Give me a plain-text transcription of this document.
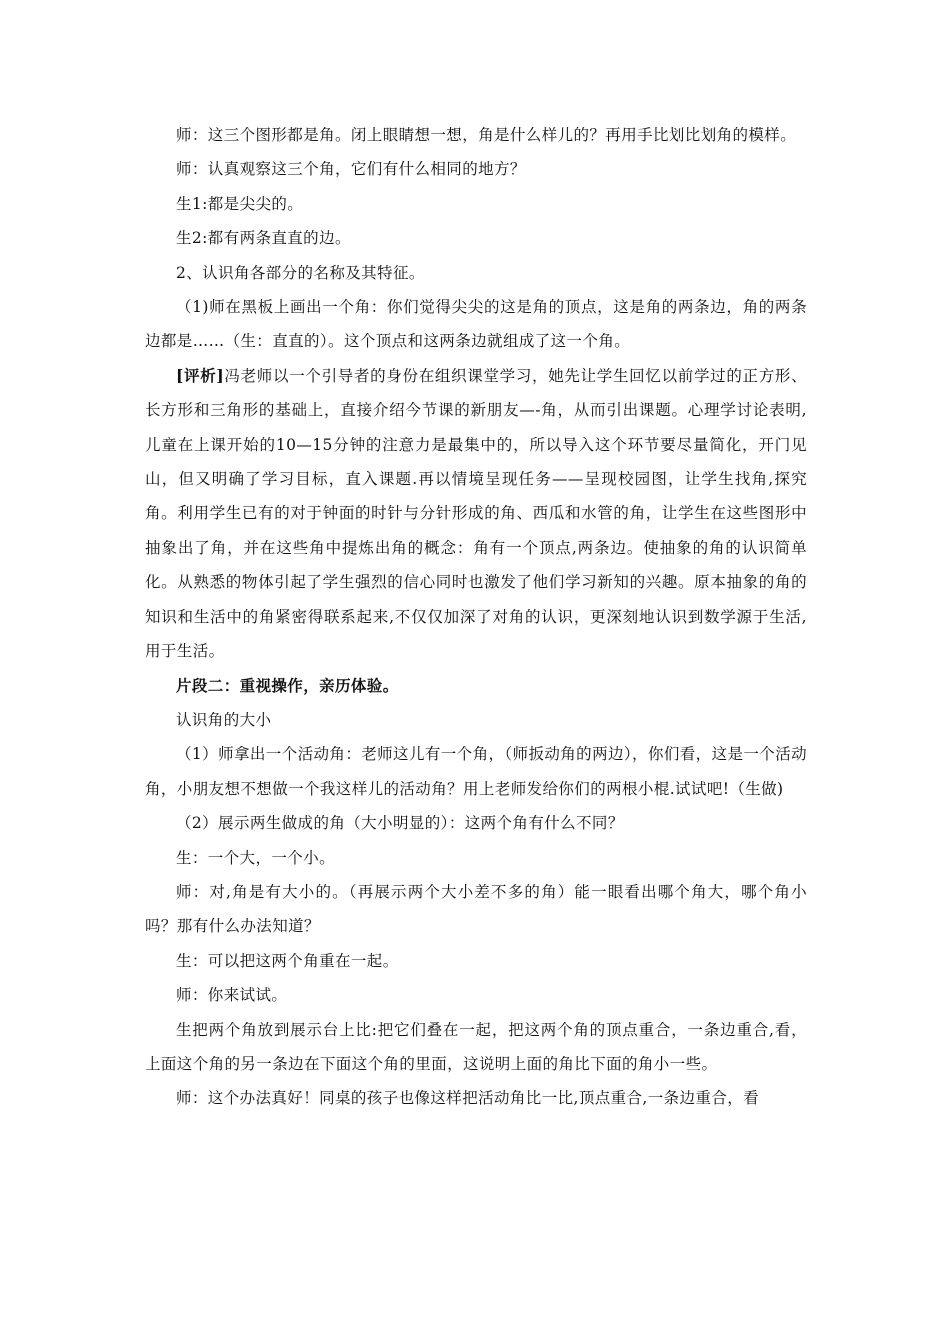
师：这三个图形都是角。闭上眼睛想一想，角是什么样儿的？再用手比划比划角的模样。

师：认真观察这三个角，它们有什么相同的地方？

生1:都是尖尖的。

生2:都有两条直直的边。

2、认识角各部分的名称及其特征。

（1)师在黑板上画出一个角：你们觉得尖尖的这是角的顶点，这是角的两条边，角的两条边都是……（生：直直的）。这个顶点和这两条边就组成了这一个角。

[评析]冯老师以一个引导者的身份在组织课堂学习，她先让学生回忆以前学过的正方形、长方形和三角形的基础上，直接介绍今节课的新朋友—-角，从而引出课题。心理学讨论表明,儿童在上课开始的10—15分钟的注意力是最集中的，所以导入这个环节要尽量简化，开门见山，但又明确了学习目标，直入课题.再以情境呈现任务——呈现校园图，让学生找角,探究角。利用学生已有的对于钟面的时针与分针形成的角、西瓜和水管的角，让学生在这些图形中抽象出了角，并在这些角中提炼出角的概念：角有一个顶点,两条边。使抽象的角的认识简单化。从熟悉的物体引起了学生强烈的信心同时也激发了他们学习新知的兴趣。原本抽象的角的知识和生活中的角紧密得联系起来,不仅仅加深了对角的认识，更深刻地认识到数学源于生活,用于生活。

片段二：重视操作，亲历体验。

认识角的大小

（1）师拿出一个活动角：老师这儿有一个角，（师扳动角的两边），你们看，这是一个活动角，小朋友想不想做一个我这样儿的活动角？用上老师发给你们的两根小棍.试试吧!（生做)

（2）展示两生做成的角（大小明显的）：这两个角有什么不同？

生：一个大，一个小。

师：对,角是有大小的。（再展示两个大小差不多的角）能一眼看出哪个角大，哪个角小吗？那有什么办法知道？

生：可以把这两个角重在一起。

师：你来试试。

生把两个角放到展示台上比:把它们叠在一起，把这两个角的顶点重合，一条边重合,看，上面这个角的另一条边在下面这个角的里面，这说明上面的角比下面的角小一些。

师：这个办法真好！同桌的孩子也像这样把活动角比一比,顶点重合,一条边重合，看
